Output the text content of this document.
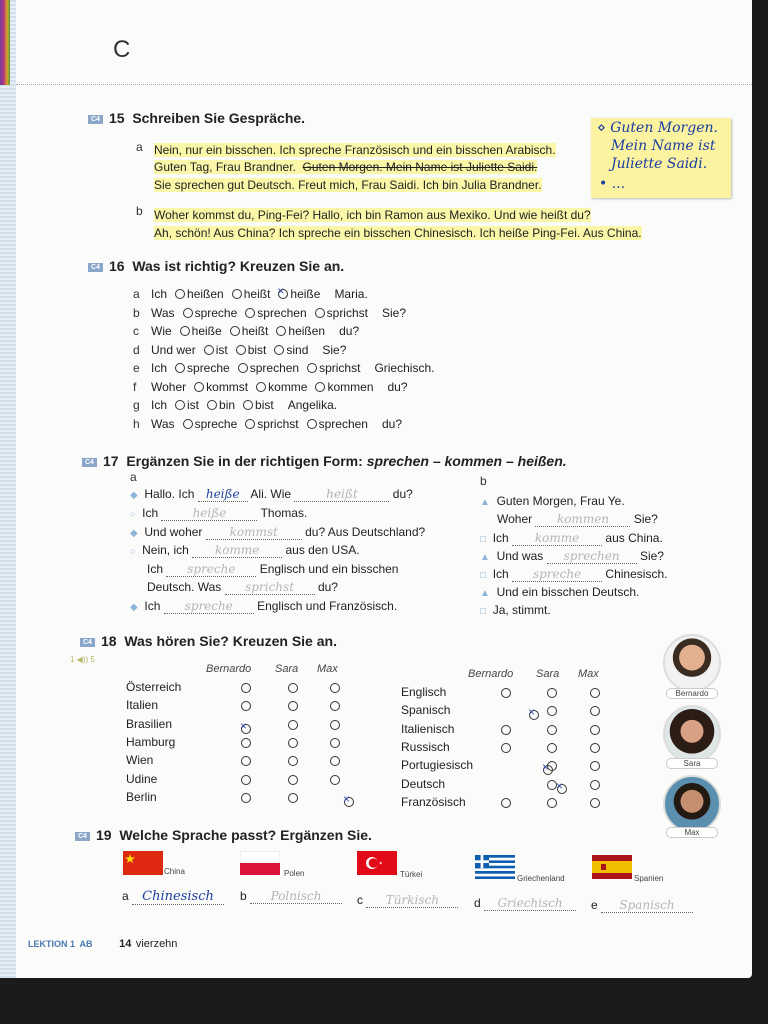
C
C4 15 Schreiben Sie Gespräche.
a Nein, nur ein bisschen. Ich spreche Französisch und ein bisschen Arabisch.
Guten Tag, Frau Brandner. Guten Morgen. Mein Name ist Juliette Saidi.
Sie sprechen gut Deutsch. Freut mich, Frau Saidi. Ich bin Julia Brandner.
b Woher kommst du, Ping-Fei? Hallo, ich bin Ramon aus Mexiko. Und wie heißt du?
Ah, schön! Aus China? Ich spreche ein bisschen Chinesisch. Ich heiße Ping-Fei. Aus China.
⋄ Guten Morgen.
Mein Name ist
Juliette Saidi.
• ...
C4 16 Was ist richtig? Kreuzen Sie an.
a Ich heißen heißt× heiße Maria.
b Was spreche sprechen sprichst Sie?
c Wie heiße heißt heißen du?
d Und wer ist bist sind Sie?
e Ich spreche sprechen sprichst Griechisch.
f Woher kommst komme kommen du?
g Ich ist bin bist Angelika.
h Was spreche sprichst sprechen du?
C4 17 Ergänzen Sie in der richtigen Form: sprechen – kommen – heißen.
a	b
◆ Hallo. Ich heiße Ali. Wie	heißt	du?
○ Ich	heiße	Thomas.
◆ Und woher kommst du? Aus Deutschland?
○ Nein, ich komme aus den USA.
Ich spreche Englisch und ein bisschen
Deutsch. Was sprichst du?
◆ Ich spreche Englisch und Französisch.
▲ Guten Morgen, Frau Ye.
Woher kommen Sie?
□ Ich komme aus China.
▲ Und was sprechen Sie?
□ Ich spreche Chinesisch.
▲ Und ein bisschen Deutsch.
□ Ja, stimmt.
C4 18 Was hören Sie? Kreuzen Sie an.
1 ◀)) 5
Bernardo Sara Max
Österreich
Italien
Brasilien
×
Hamburg
Wien
Udine
Berlin
×
Bernardo Sara Max
Englisch
Spanisch
×
Italienisch
Russisch
Portugiesisch
×
Deutsch
×
Französisch
Bernardo
Sara
Max
C4 19 Welche Sprache passt? Ergänzen Sie.
China	Polen	Türkei	Griechenland	Spanien
a Chinesisch	b Polnisch	c Türkisch	d Griechisch	e Spanisch
LEKTION 1 AB 14 vierzehn
